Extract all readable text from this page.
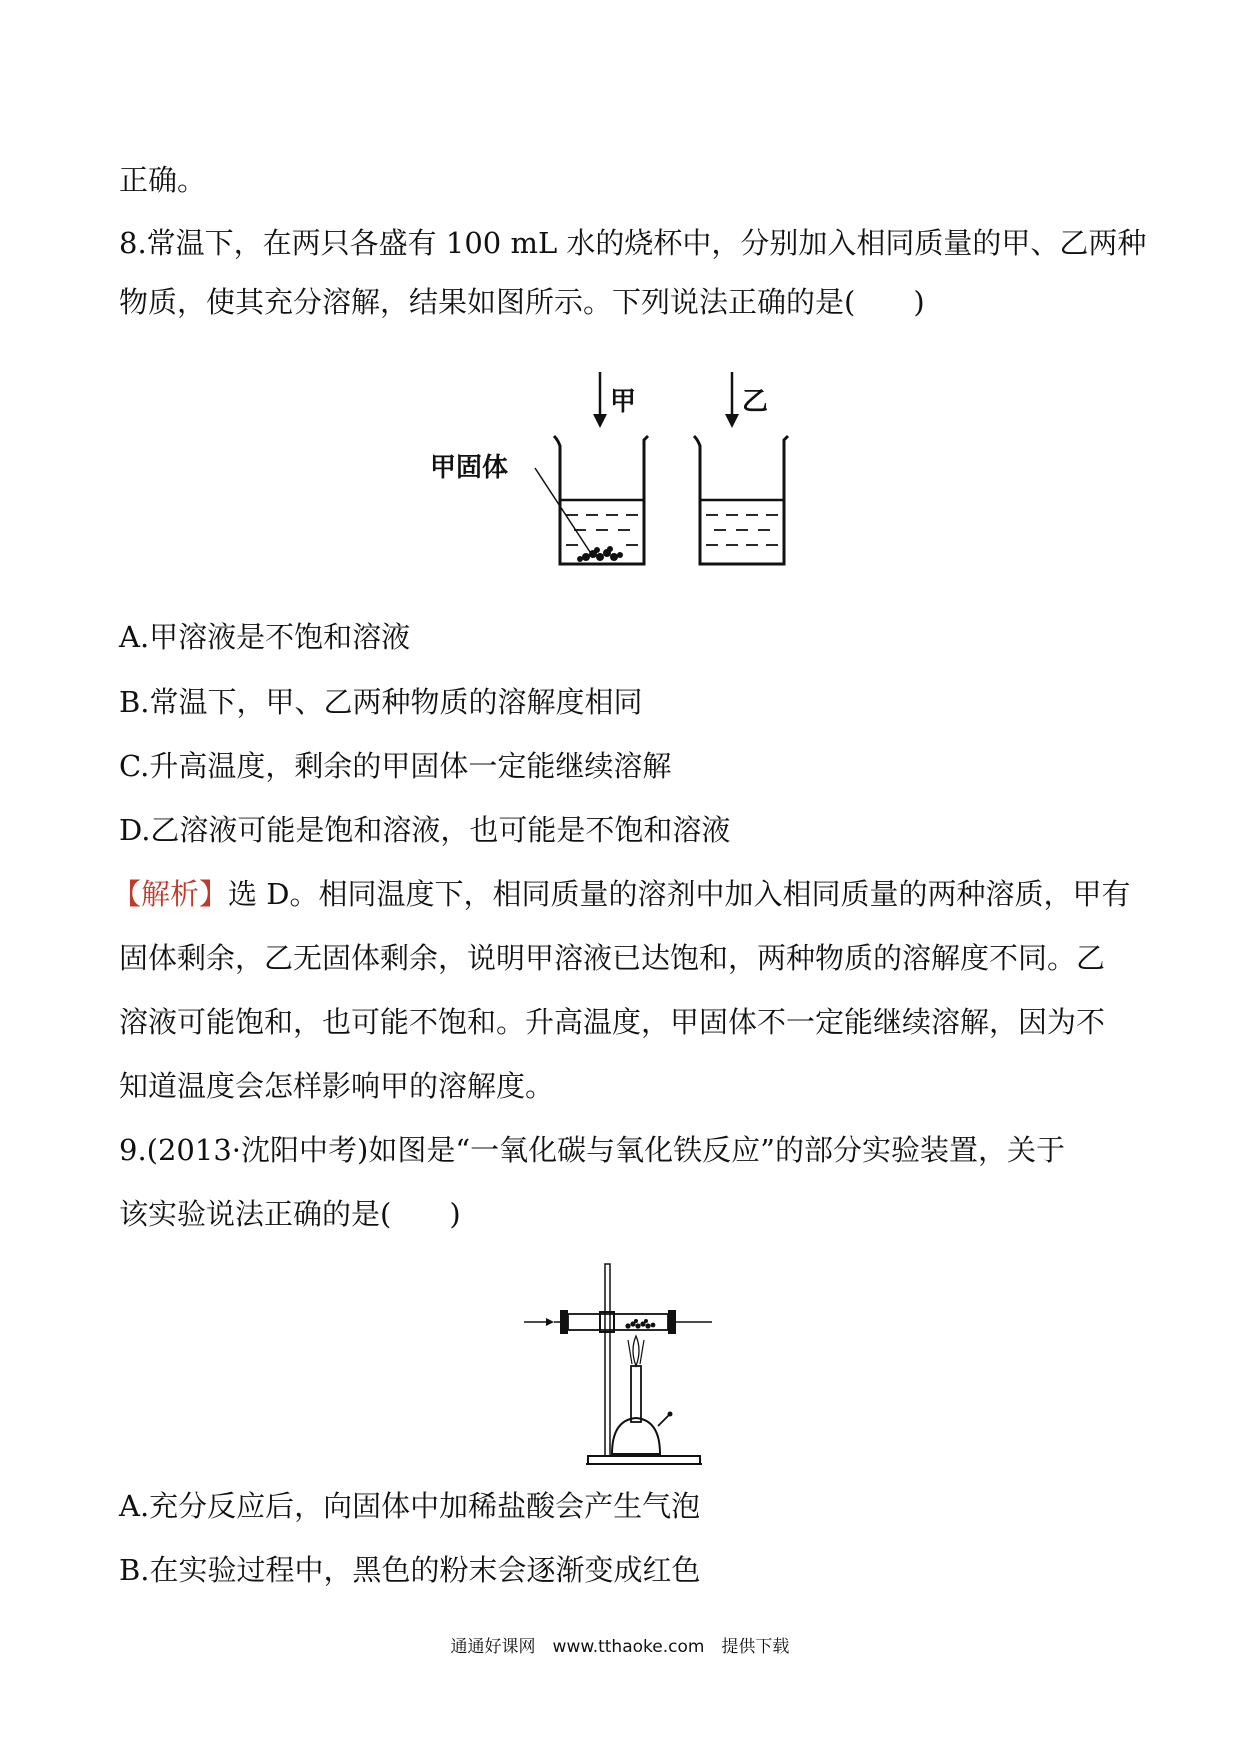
正确。
8.常温下，在两只各盛有 100 mL 水的烧杯中，分别加入相同质量的甲、乙两种
物质，使其充分溶解，结果如图所示。下列说法正确的是(　　)
甲	乙
甲固体
A.甲溶液是不饱和溶液
B.常温下，甲、乙两种物质的溶解度相同
C.升高温度，剩余的甲固体一定能继续溶解
D.乙溶液可能是饱和溶液，也可能是不饱和溶液
【解析】选 D。相同温度下，相同质量的溶剂中加入相同质量的两种溶质，甲有
固体剩余，乙无固体剩余，说明甲溶液已达饱和，两种物质的溶解度不同。乙
溶液可能饱和，也可能不饱和。升高温度，甲固体不一定能继续溶解，因为不
知道温度会怎样影响甲的溶解度。
9.(2013·沈阳中考)如图是“一氧化碳与氧化铁反应”的部分实验装置，关于
该实验说法正确的是(　　)
A.充分反应后，向固体中加稀盐酸会产生气泡
B.在实验过程中，黑色的粉末会逐渐变成红色
通通好课网　www.tthaoke.com　提供下载
